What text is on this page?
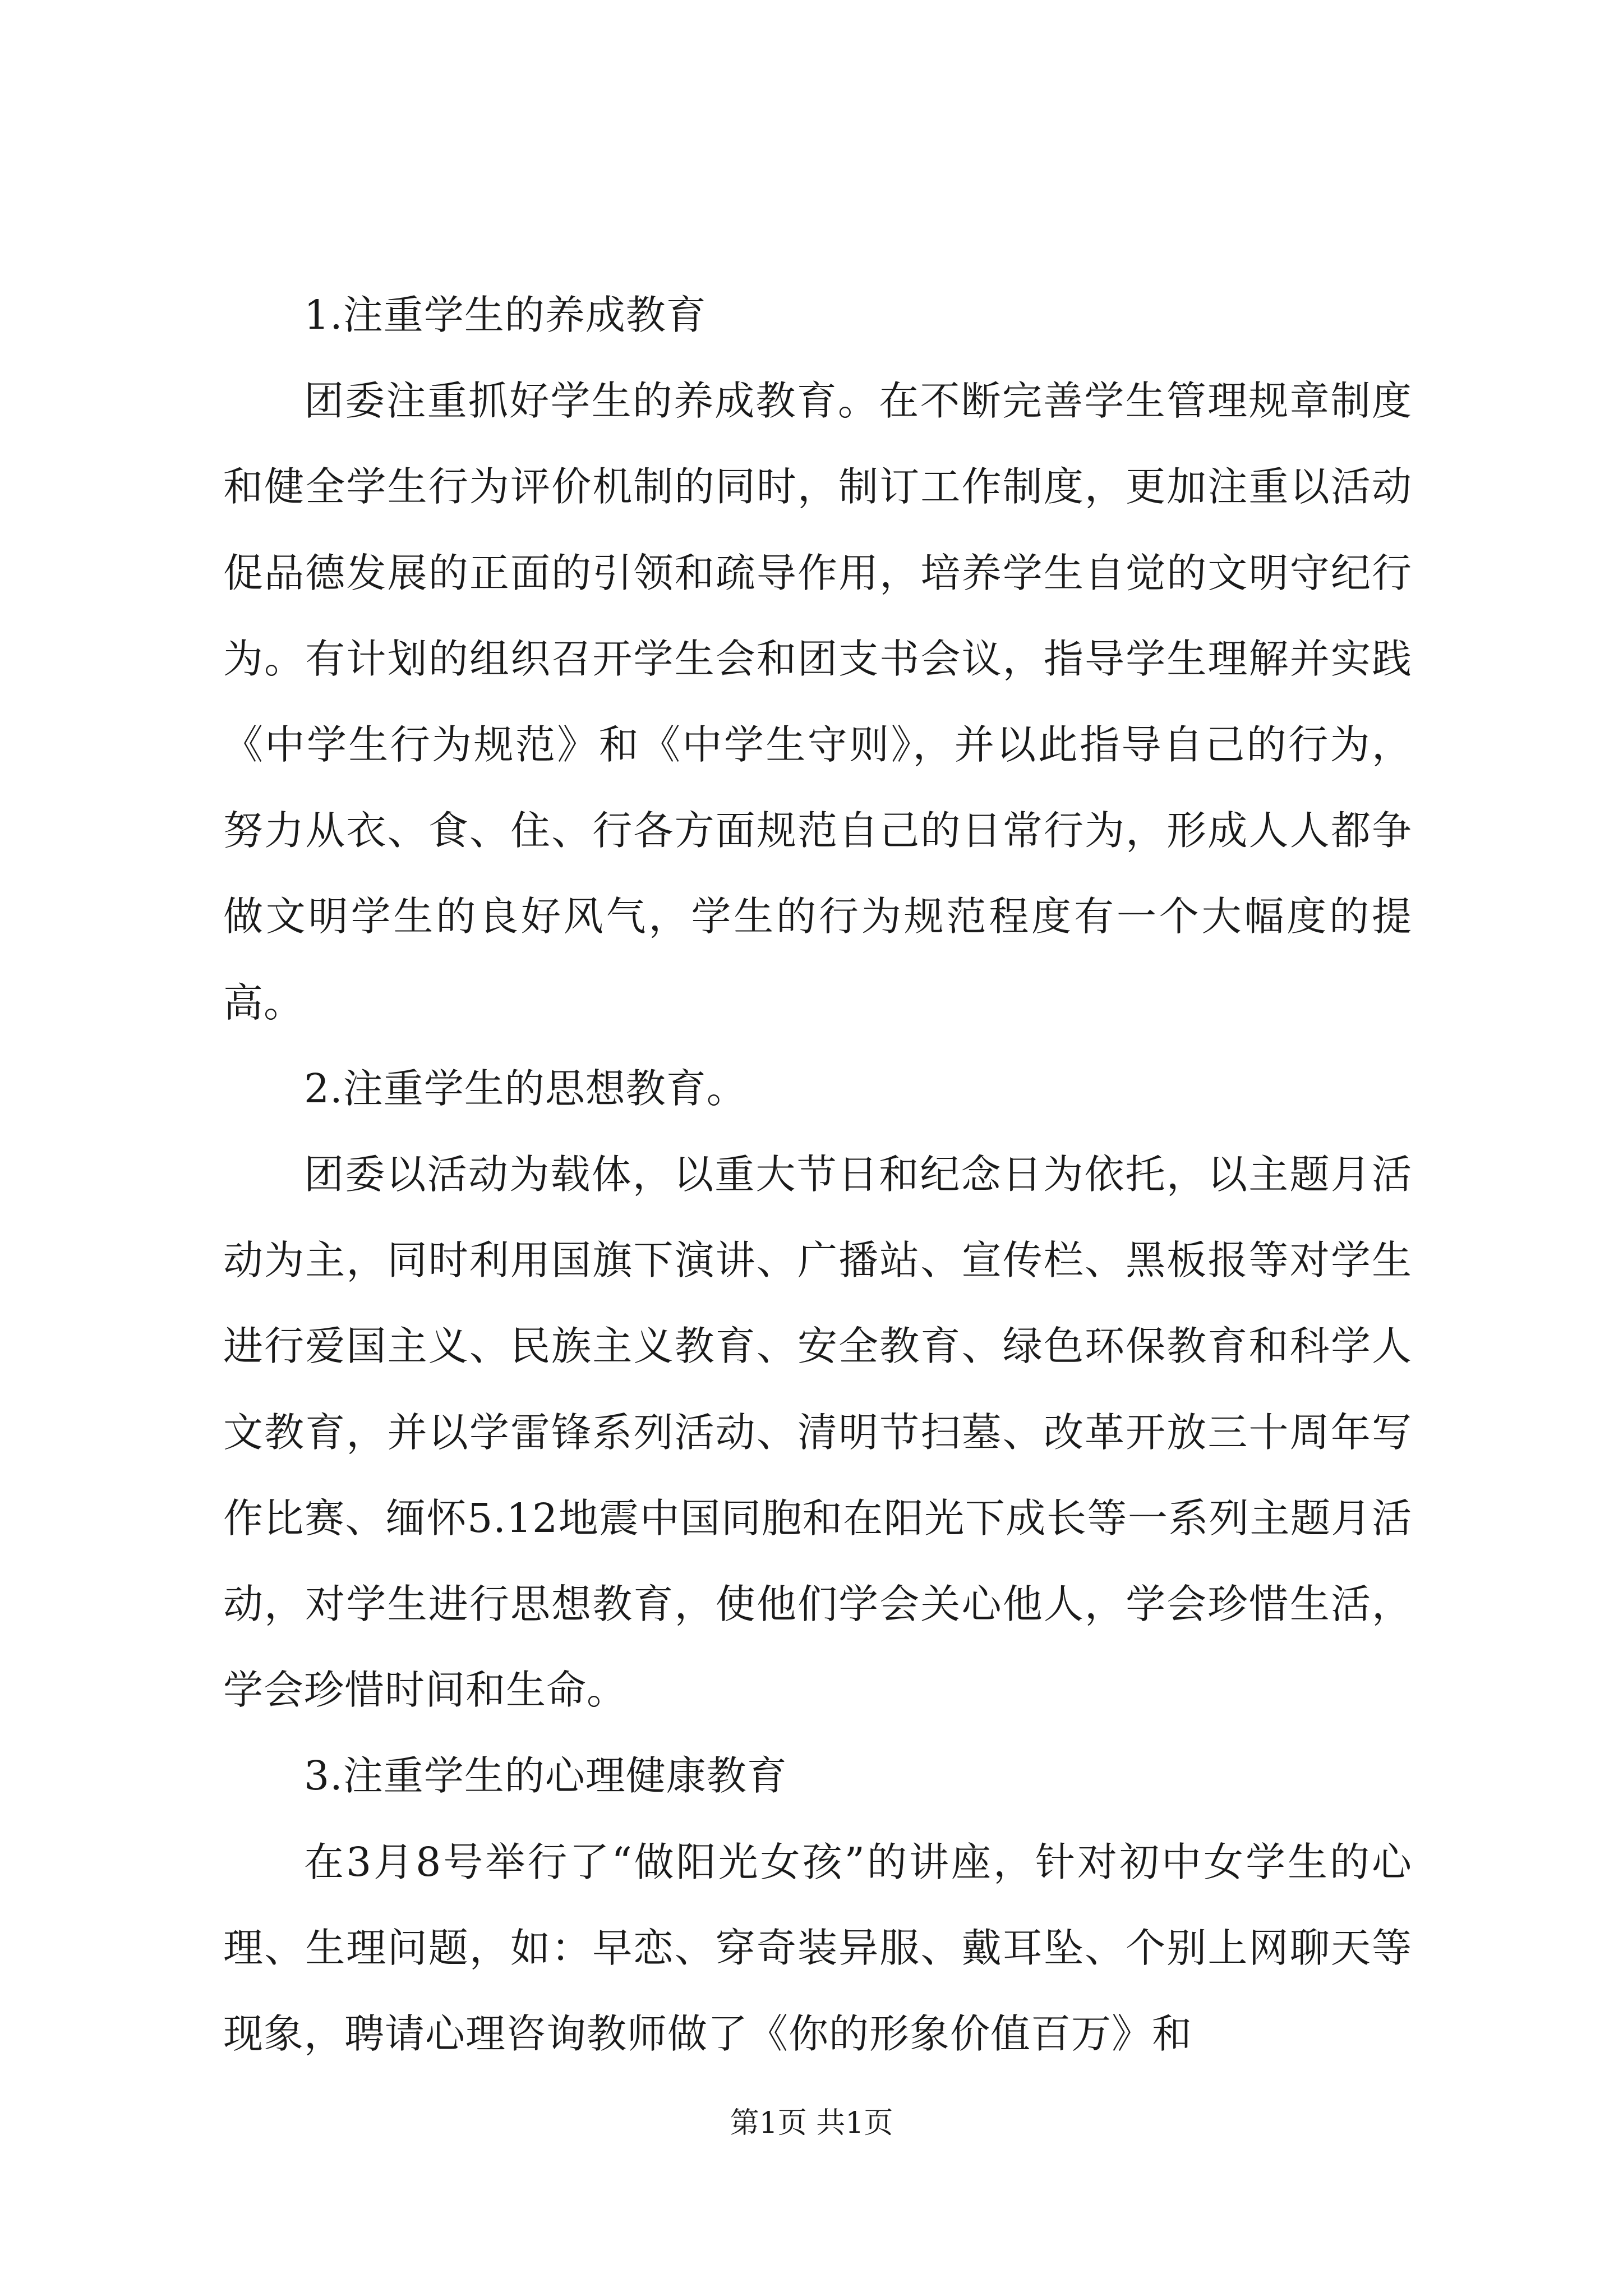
1.注重学生的养成教育

团委注重抓好学生的养成教育。在不断完善学生管理规章制度和健全学生行为评价机制的同时，制订工作制度，更加注重以活动促品德发展的正面的引领和疏导作用，培养学生自觉的文明守纪行为。有计划的组织召开学生会和团支书会议，指导学生理解并实践《中学生行为规范》和《中学生守则》，并以此指导自己的行为，努力从衣、食、住、行各方面规范自己的日常行为，形成人人都争做文明学生的良好风气，学生的行为规范程度有一个大幅度的提高。

2.注重学生的思想教育。

团委以活动为载体，以重大节日和纪念日为依托，以主题月活动为主，同时利用国旗下演讲、广播站、宣传栏、黑板报等对学生进行爱国主义、民族主义教育、安全教育、绿色环保教育和科学人文教育，并以学雷锋系列活动、清明节扫墓、改革开放三十周年写作比赛、缅怀5.12地震中国同胞和在阳光下成长等一系列主题月活动，对学生进行思想教育，使他们学会关心他人，学会珍惜生活，学会珍惜时间和生命。

3.注重学生的心理健康教育

在3月8号举行了“做阳光女孩”的讲座，针对初中女学生的心理、生理问题，如：早恋、穿奇装异服、戴耳坠、个别上网聊天等现象，聘请心理咨询教师做了《你的形象价值百万》和

第1页 共1页
